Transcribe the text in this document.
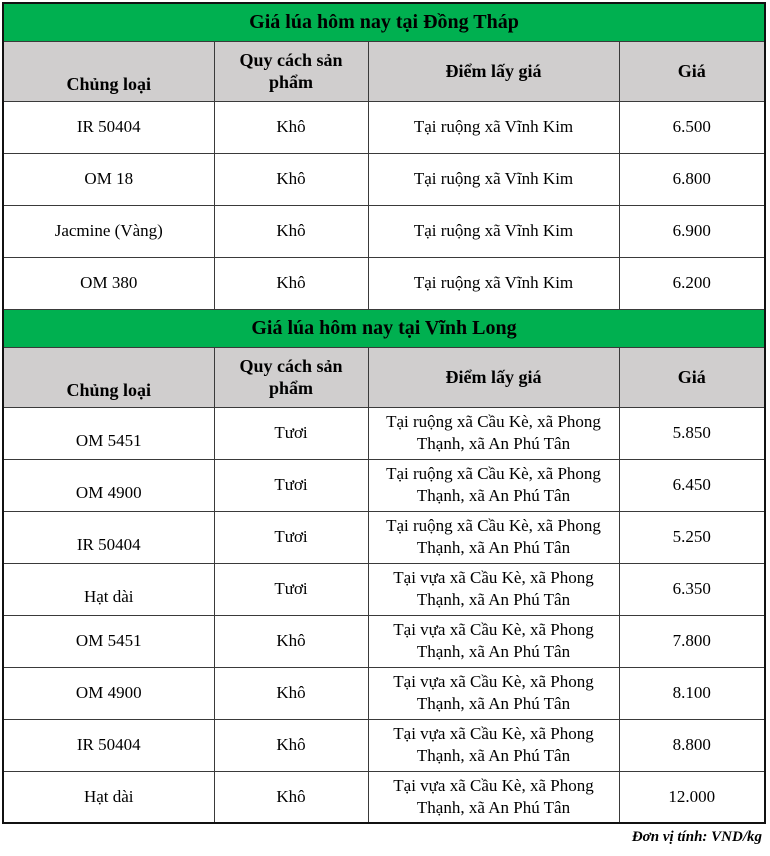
Giá lúa hôm nay tại Đồng Tháp			
Chủng loại	Quy cách sản phẩm	Điểm lấy giá	Giá
IR 50404	Khô	Tại ruộng xã Vĩnh Kim	6.500
OM 18	Khô	Tại ruộng xã Vĩnh Kim	6.800
Jacmine (Vàng)	Khô	Tại ruộng xã Vĩnh Kim	6.900
OM 380	Khô	Tại ruộng xã Vĩnh Kim	6.200
Giá lúa hôm nay tại Vĩnh Long			
Chủng loại	Quy cách sản phẩm	Điểm lấy giá	Giá
OM 5451	Tươi	Tại ruộng xã Cầu Kè, xã Phong Thạnh, xã An Phú Tân	5.850
OM 4900	Tươi	Tại ruộng xã Cầu Kè, xã Phong Thạnh, xã An Phú Tân	6.450
IR 50404	Tươi	Tại ruộng xã Cầu Kè, xã Phong Thạnh, xã An Phú Tân	5.250
Hạt dài	Tươi	Tại vựa xã Cầu Kè, xã Phong Thạnh, xã An Phú Tân	6.350
OM 5451	Khô	Tại vựa xã Cầu Kè, xã Phong Thạnh, xã An Phú Tân	7.800
OM 4900	Khô	Tại vựa xã Cầu Kè, xã Phong Thạnh, xã An Phú Tân	8.100
IR 50404	Khô	Tại vựa xã Cầu Kè, xã Phong Thạnh, xã An Phú Tân	8.800
Hạt dài	Khô	Tại vựa xã Cầu Kè, xã Phong Thạnh, xã An Phú Tân	12.000
Đơn vị tính: VND/kg
